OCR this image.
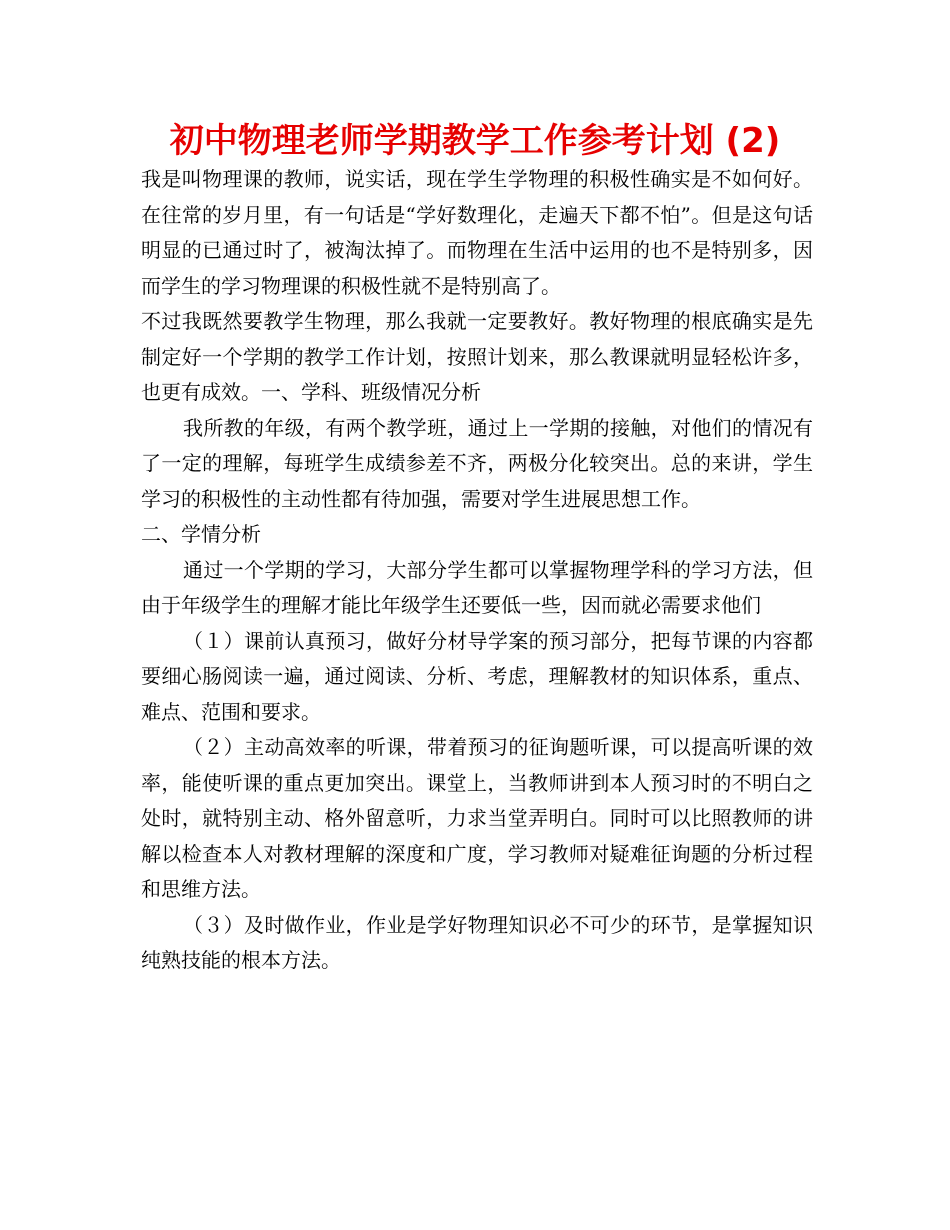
初中物理老师学期教学工作参考计划 (2)

我是叫物理课的教师，说实话，现在学生学物理的积极性确实是不如何好。在往常的岁月里，有一句话是“学好数理化，走遍天下都不怕”。但是这句话明显的已通过时了，被淘汰掉了。而物理在生活中运用的也不是特别多，因而学生的学习物理课的积极性就不是特别高了。

不过我既然要教学生物理，那么我就一定要教好。教好物理的根底确实是先制定好一个学期的教学工作计划，按照计划来，那么教课就明显轻松许多，也更有成效。一、学科、班级情况分析

我所教的年级，有两个教学班，通过上一学期的接触，对他们的情况有了一定的理解，每班学生成绩参差不齐，两极分化较突出。总的来讲，学生学习的积极性的主动性都有待加强，需要对学生进展思想工作。

二、学情分析

通过一个学期的学习，大部分学生都可以掌握物理学科的学习方法，但由于年级学生的理解才能比年级学生还要低一些，因而就必需要求他们

（１）课前认真预习，做好分材导学案的预习部分，把每节课的内容都要细心肠阅读一遍，通过阅读、分析、考虑，理解教材的知识体系，重点、难点、范围和要求。

（２）主动高效率的听课，带着预习的征询题听课，可以提高听课的效率，能使听课的重点更加突出。课堂上，当教师讲到本人预习时的不明白之处时，就特别主动、格外留意听，力求当堂弄明白。同时可以比照教师的讲解以检查本人对教材理解的深度和广度，学习教师对疑难征询题的分析过程和思维方法。

（３）及时做作业，作业是学好物理知识必不可少的环节，是掌握知识纯熟技能的根本方法。
